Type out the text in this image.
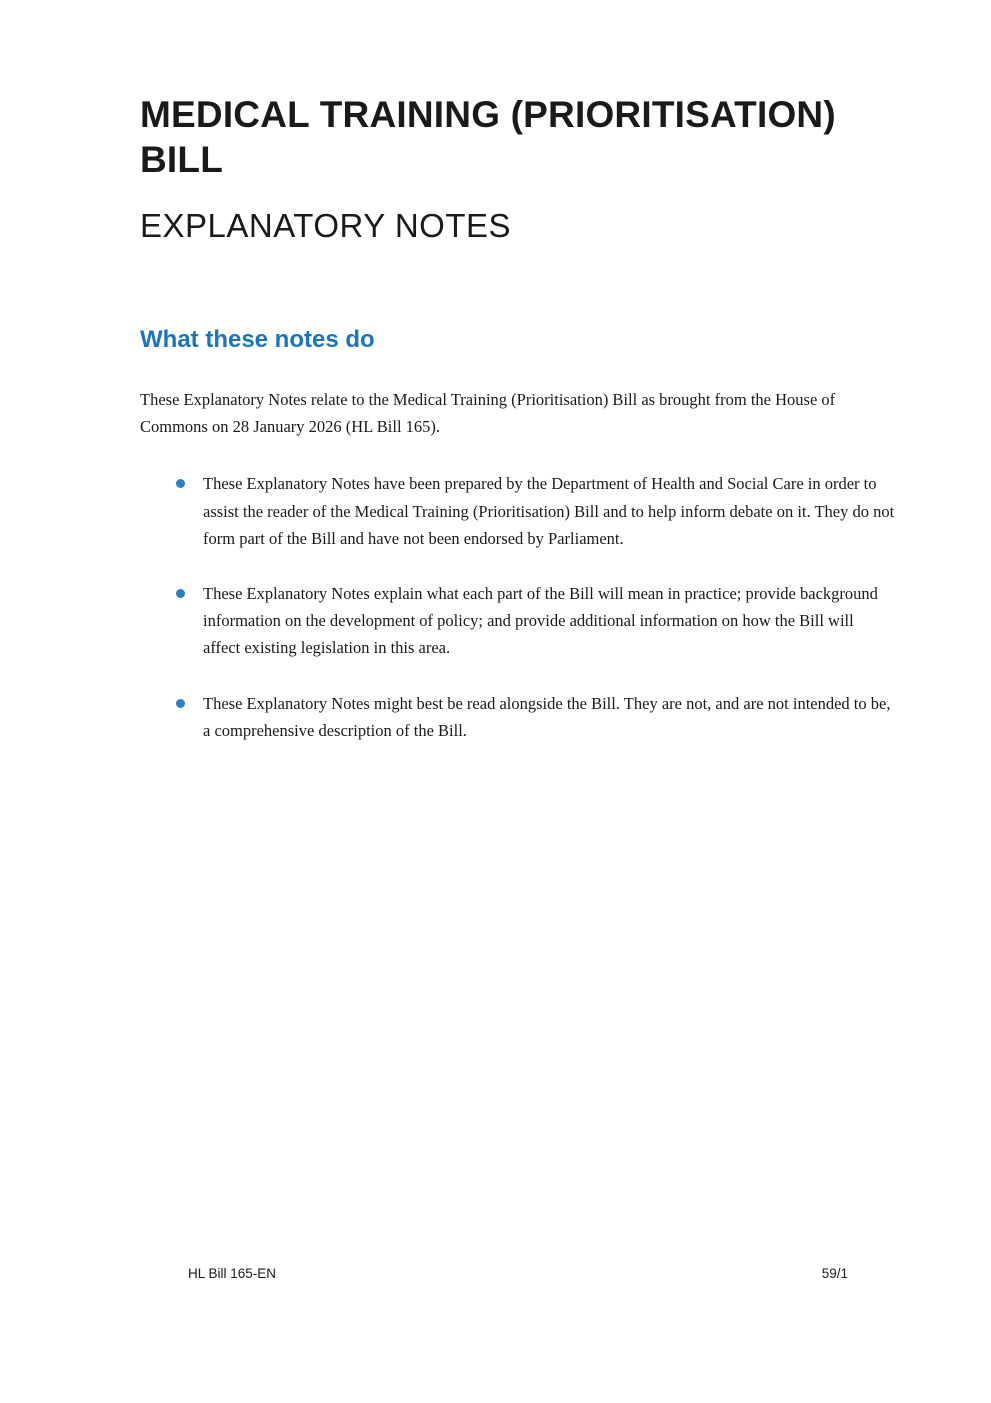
MEDICAL TRAINING (PRIORITISATION) BILL
EXPLANATORY NOTES
What these notes do

These Explanatory Notes relate to the Medical Training (Prioritisation) Bill as brought from the House of Commons on 28 January 2026 (HL Bill 165).

These Explanatory Notes have been prepared by the Department of Health and Social Care in order to assist the reader of the Medical Training (Prioritisation) Bill and to help inform debate on it. They do not form part of the Bill and have not been endorsed by Parliament.
These Explanatory Notes explain what each part of the Bill will mean in practice; provide background information on the development of policy; and provide additional information on how the Bill will affect existing legislation in this area.
These Explanatory Notes might best be read alongside the Bill. They are not, and are not intended to be, a comprehensive description of the Bill.
HL Bill 165-EN	59/1
